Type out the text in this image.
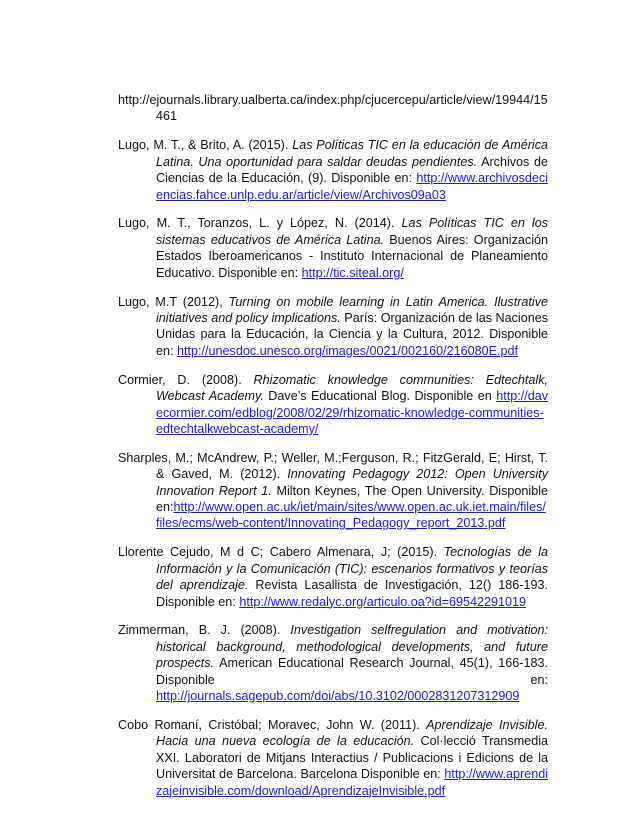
http://ejournals.library.ualberta.ca/index.php/cjucercepu/article/view/19944/15461

Lugo, M. T., & Brito, A. (2015). Las Políticas TIC en la educación de América Latina. Una oportunidad para saldar deudas pendientes. Archivos de Ciencias de la Educación, (9). Disponible en: http://www.archivosdeciencias.fahce.unlp.edu.ar/article/view/Archivos09a03

Lugo, M. T., Toranzos, L. y López, N. (2014). Las Políticas TIC en los sistemas educativos de América Latina. Buenos Aires: Organización Estados Iberoamericanos - Instituto Internacional de Planeamiento Educativo. Disponible en: http://tic.siteal.org/

Lugo, M.T (2012), Turning on mobile learning in Latin America. Ilustrative initiatives and policy implications. París: Organización de las Naciones Unidas para la Educación, la Ciencia y la Cultura, 2012. Disponible en: http://unesdoc.unesco.org/images/0021/002160/216080E.pdf

Cormier, D. (2008). Rhizomatic knowledge communities: Edtechtalk, Webcast Academy. Dave’s Educational Blog. Disponible en http://davecormier.com/edblog/2008/02/29/rhizomatic-knowledge-communities-edtechtalkwebcast-academy/

Sharples, M.; McAndrew, P.; Weller, M.;Ferguson, R.; FitzGerald, E; Hirst, T. & Gaved, M. (2012). Innovating Pedagogy 2012: Open University Innovation Report 1. Milton Keynes, The Open University. Disponible en:http://www.open.ac.uk/iet/main/sites/www.open.ac.uk.iet.main/files/files/ecms/web-content/Innovating_Pedagogy_report_2013.pdf

Llorente Cejudo, M d C; Cabero Almenara, J; (2015). Tecnologías de la Información y la Comunicación (TIC): escenarios formativos y teorías del aprendizaje. Revista Lasallista de Investigación, 12() 186-193. Disponible en: http://www.redalyc.org/articulo.oa?id=69542291019

Zimmerman, B. J. (2008). Investigation selfregulation and motivation: historical background, methodological developments, and future prospects. American Educational Research Journal, 45(1), 166-183. Disponible en: http://journals.sagepub.com/doi/abs/10.3102/0002831207312909

Cobo Romaní, Cristóbal; Moravec, John W. (2011). Aprendizaje Invisible. Hacia una nueva ecología de la educación. Col·lecció Transmedia XXI. Laboratori de Mitjans Interactius / Publicacions i Edicions de la Universitat de Barcelona. Barcelona Disponible en: http://www.aprendizajeinvisible.com/download/AprendizajeInvisible.pdf
